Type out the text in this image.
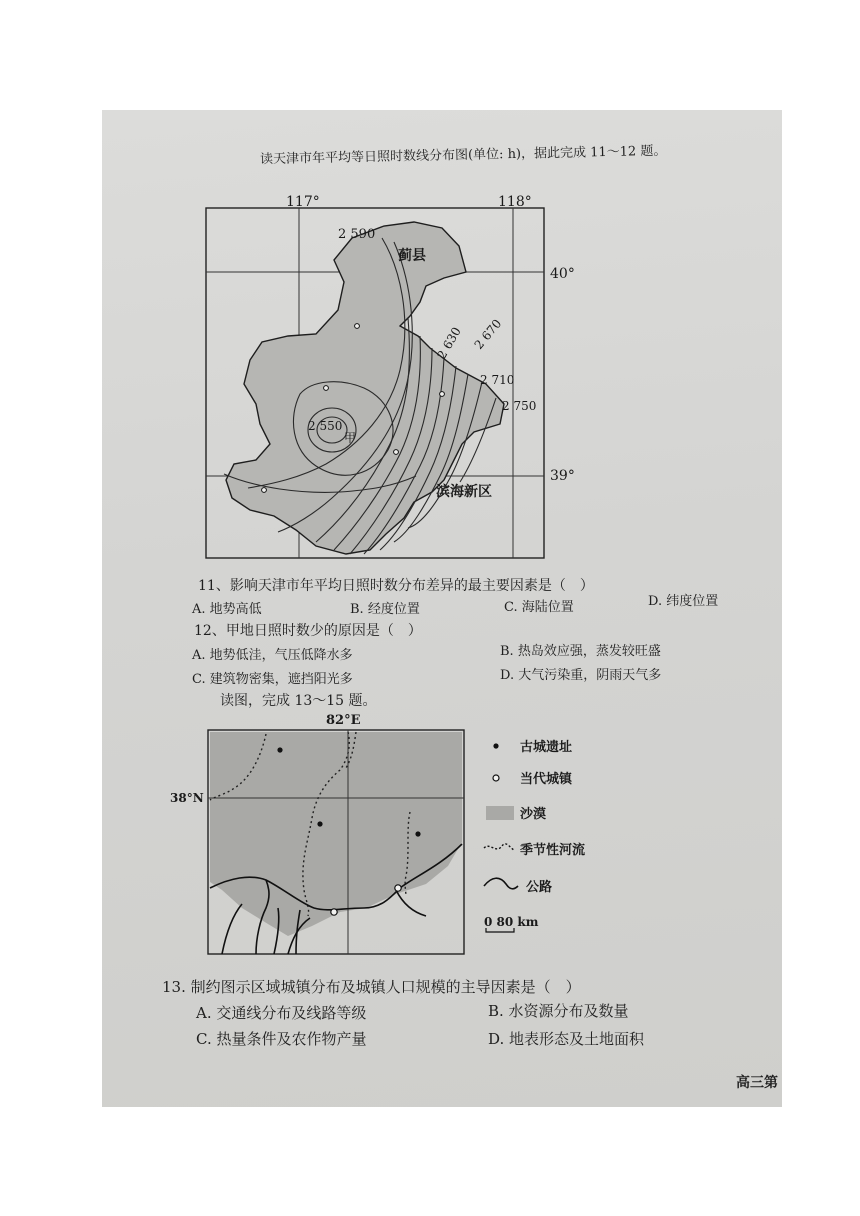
读天津市年平均等日照时数线分布图(单位: h)，据此完成 11～12 题。
117°	118°
40°
39°
蓟县
滨海新区
甲
2 590
2 630 2 670
2 710
2 750
2 550
11、影响天津市年平均日照时数分布差异的最主要因素是（　）
A. 地势高低	B. 经度位置	C. 海陆位置	D. 纬度位置
12、甲地日照时数少的原因是（　）
A. 地势低洼，气压低降水多	B. 热岛效应强，蒸发较旺盛
C. 建筑物密集，遮挡阳光多	D. 大气污染重，阴雨天气多
读图，完成 13～15 题。
82°E
38°N
古城遗址
当代城镇
沙漠
季节性河流
公路
0 80 km
13. 制约图示区域城镇分布及城镇人口规模的主导因素是（　）
A. 交通线分布及线路等级	B. 水资源分布及数量
C. 热量条件及农作物产量	D. 地表形态及土地面积
高三第
